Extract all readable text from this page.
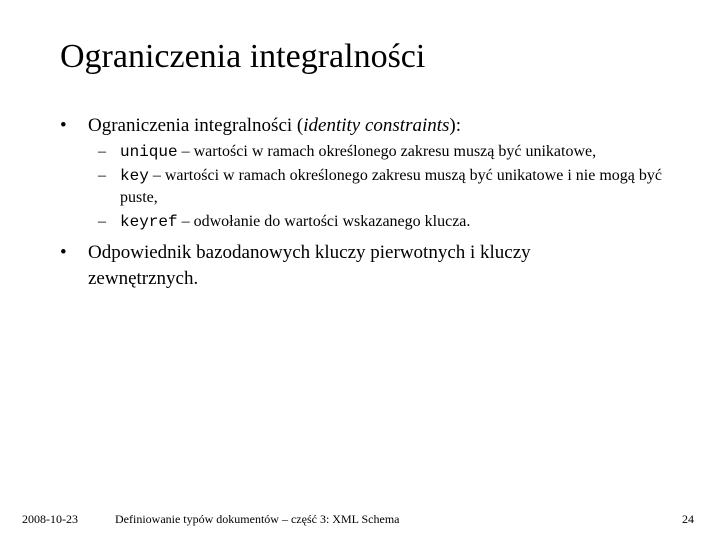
Ograniczenia integralności
• Ograniczenia integralności (identity constraints):
– unique – wartości w ramach określonego zakresu muszą być unikatowe,
– key – wartości w ramach określonego zakresu muszą być unikatowe i nie mogą być puste,
– keyref – odwołanie do wartości wskazanego klucza.
• Odpowiednik bazodanowych kluczy pierwotnych i kluczy zewnętrznych.
2008-10-23	Definiowanie typów dokumentów – część 3: XML Schema	24
